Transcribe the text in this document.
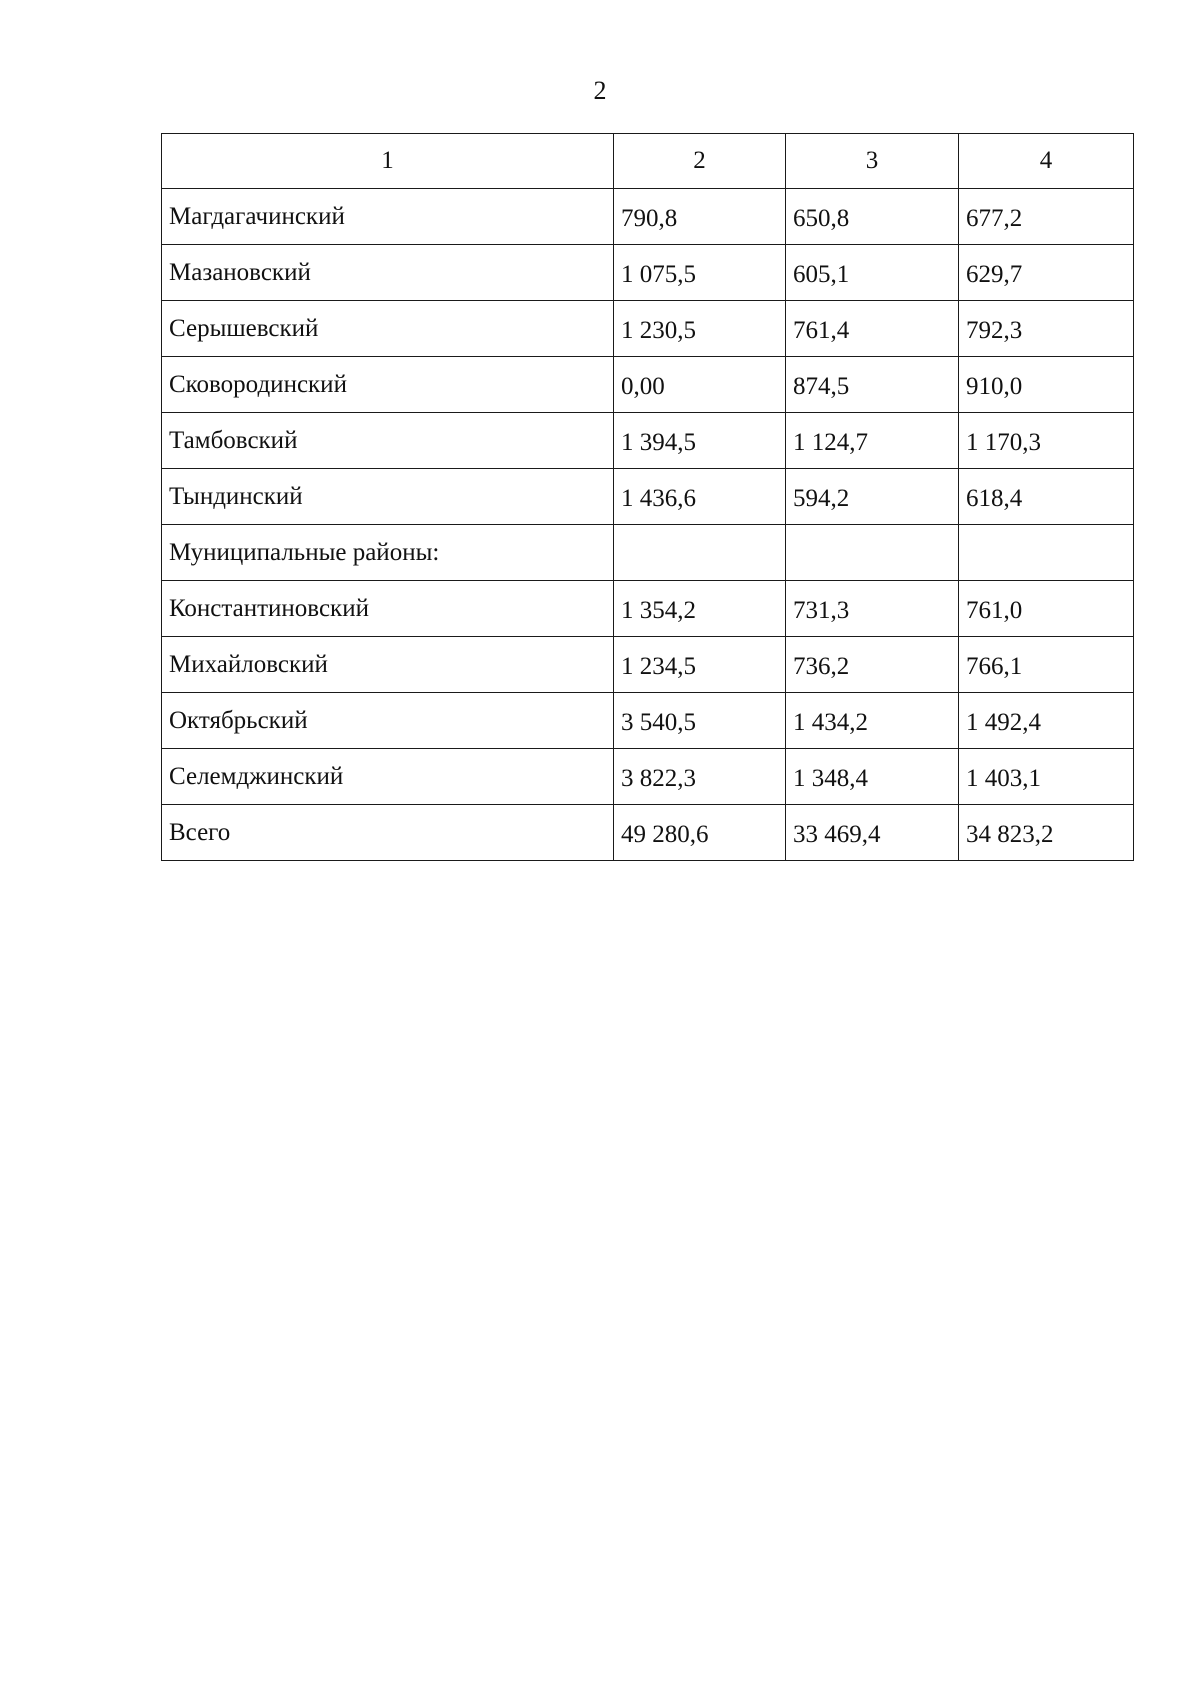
2
1	2	3	4
Магдагачинский	790,8	650,8	677,2
Мазановский	1 075,5	605,1	629,7
Серышевский	1 230,5	761,4	792,3
Сковородинский	0,00	874,5	910,0
Тамбовский	1 394,5	1 124,7	1 170,3
Тындинский	1 436,6	594,2	618,4
Муниципальные районы:			
Константиновский	1 354,2	731,3	761,0
Михайловский	1 234,5	736,2	766,1
Октябрьский	3 540,5	1 434,2	1 492,4
Селемджинский	3 822,3	1 348,4	1 403,1
Всего	49 280,6	33 469,4	34 823,2
